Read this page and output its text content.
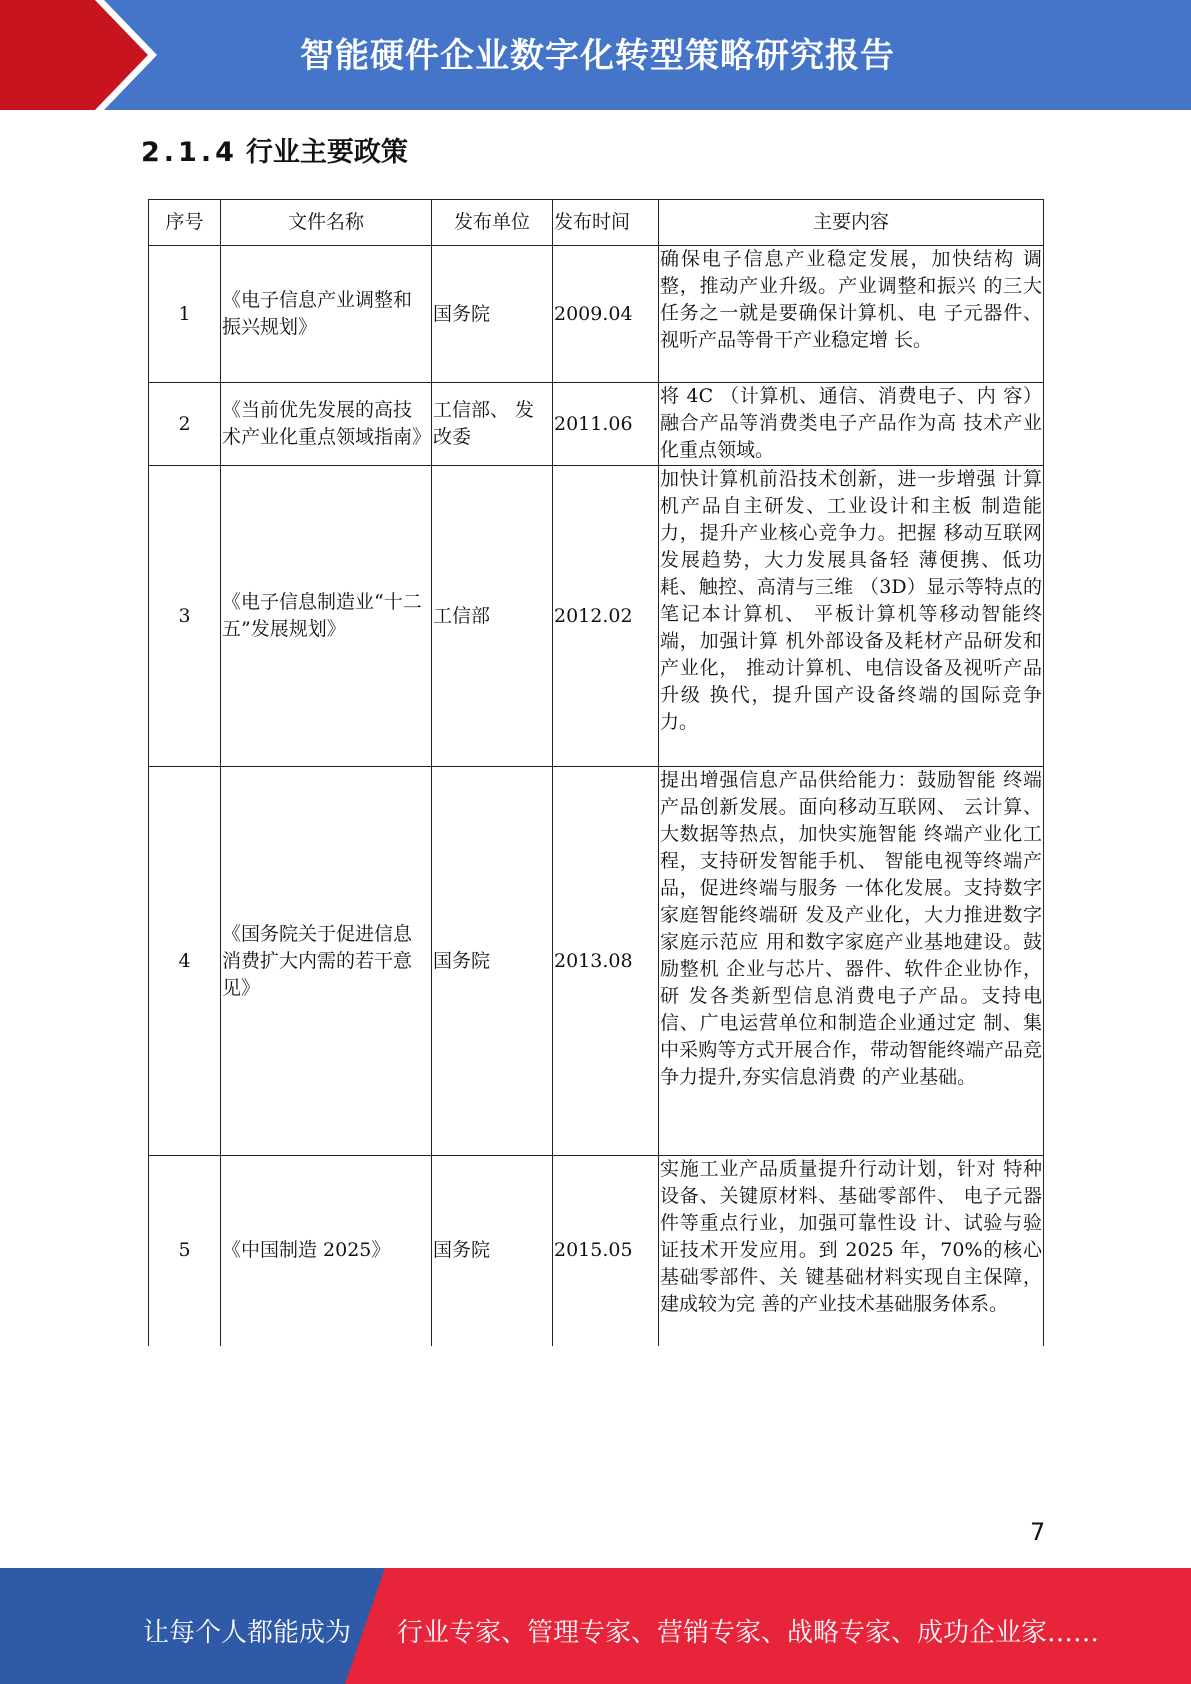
智能硬件企业数字化转型策略研究报告
2.1.4 行业主要政策
序号	文件名称	发布单位	发布时间	主要内容
1	《电子信息产业调整和振兴规划》	国务院	2009.04	确保电子信息产业稳定发展，加快结构 调整，推动产业升级。产业调整和振兴 的三大任务之一就是要确保计算机、电 子元器件、视听产品等骨干产业稳定增 长。
2	《当前优先发展的高技术产业化重点领域指南》	工信部、 发改委	2011.06	将 4C （计算机、通信、消费电子、内 容）融合产品等消费类电子产品作为高 技术产业化重点领域。
3	《电子信息制造业“十二五”发展规划》	工信部	2012.02	加快计算机前沿技术创新，进一步增强 计算机产品自主研发、工业设计和主板 制造能力，提升产业核心竞争力。把握 移动互联网发展趋势，大力发展具备轻 薄便携、低功耗、触控、高清与三维 （3D）显示等特点的笔记本计算机、 平板计算机等移动智能终端，加强计算 机外部设备及耗材产品研发和产业化， 推动计算机、电信设备及视听产品升级 换代，提升国产设备终端的国际竞争 力。
4	《国务院关于促进信息消费扩大内需的若干意见》	国务院	2013.08	提出增强信息产品供给能力：鼓励智能 终端产品创新发展。面向移动互联网、 云计算、大数据等热点，加快实施智能 终端产业化工程，支持研发智能手机、 智能电视等终端产品，促进终端与服务 一体化发展。支持数字家庭智能终端研 发及产业化，大力推进数字家庭示范应 用和数字家庭产业基地建设。鼓励整机 企业与芯片、器件、软件企业协作，研 发各类新型信息消费电子产品。支持电 信、广电运营单位和制造企业通过定 制、集中采购等方式开展合作，带动智能终端产品竞争力提升,夯实信息消费 的产业基础。
5	《中国制造 2025》	国务院	2015.05	实施工业产品质量提升行动计划，针对 特种设备、关键原材料、基础零部件、 电子元器件等重点行业，加强可靠性设 计、试验与验证技术开发应用。到 2025 年，70%的核心基础零部件、关 键基础材料实现自主保障，建成较为完 善的产业技术基础服务体系。
7
让每个人都能成为 行业专家、管理专家、营销专家、战略专家、成功企业家……
